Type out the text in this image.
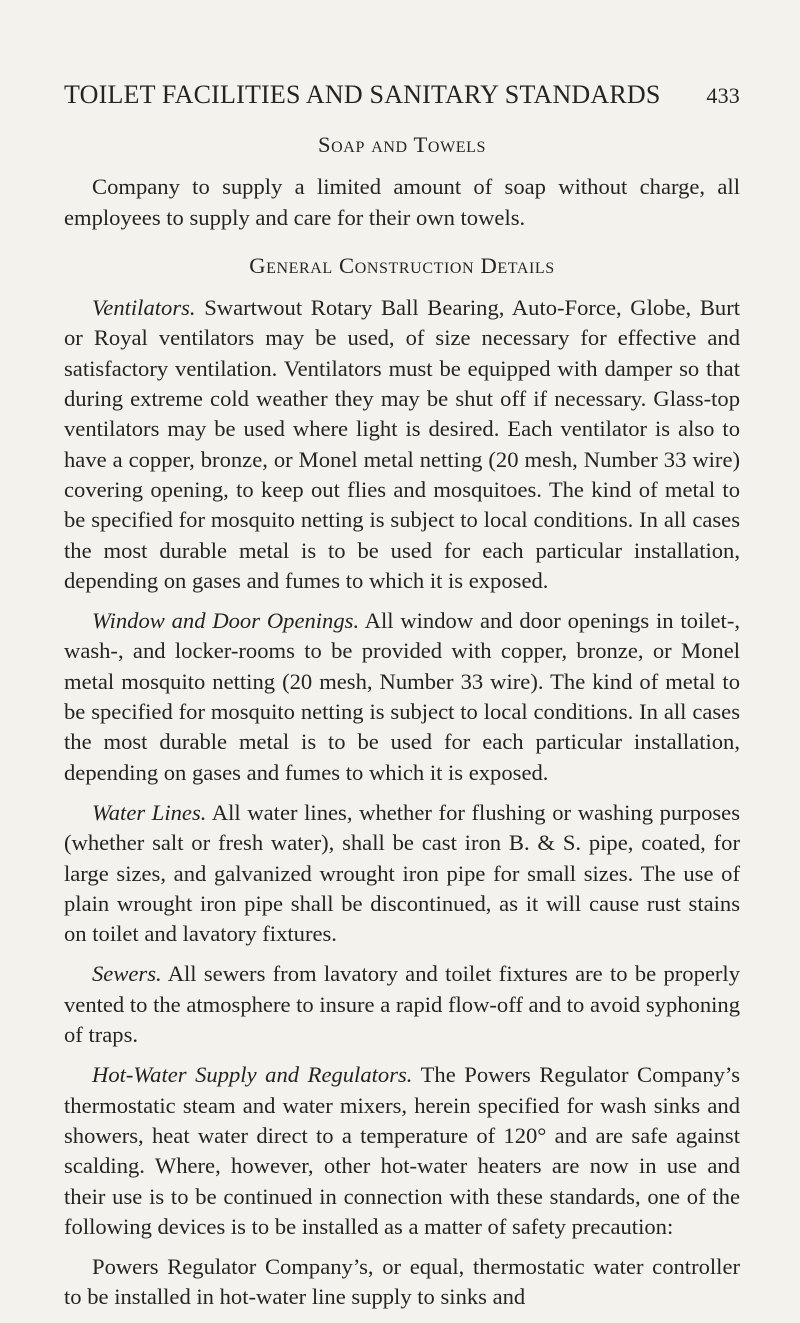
TOILET FACILITIES AND SANITARY STANDARDS 433
Soap and Towels

Company to supply a limited amount of soap without charge, all employees to supply and care for their own towels.

General Construction Details

Ventilators. Swartwout Rotary Ball Bearing, Auto-Force, Globe, Burt or Royal ventilators may be used, of size necessary for effective and satisfactory ventilation. Ventilators must be equipped with damper so that during extreme cold weather they may be shut off if necessary. Glass-top ventilators may be used where light is desired. Each ventilator is also to have a copper, bronze, or Monel metal netting (20 mesh, Number 33 wire) covering opening, to keep out flies and mosquitoes. The kind of metal to be specified for mosquito netting is subject to local conditions. In all cases the most durable metal is to be used for each particular installation, depending on gases and fumes to which it is exposed.

Window and Door Openings. All window and door openings in toilet-, wash-, and locker-rooms to be provided with copper, bronze, or Monel metal mosquito netting (20 mesh, Number 33 wire). The kind of metal to be specified for mosquito netting is subject to local conditions. In all cases the most durable metal is to be used for each particular installation, depending on gases and fumes to which it is exposed.

Water Lines. All water lines, whether for flushing or washing purposes (whether salt or fresh water), shall be cast iron B. & S. pipe, coated, for large sizes, and galvanized wrought iron pipe for small sizes. The use of plain wrought iron pipe shall be discontinued, as it will cause rust stains on toilet and lavatory fixtures.

Sewers. All sewers from lavatory and toilet fixtures are to be properly vented to the atmosphere to insure a rapid flow-off and to avoid syphoning of traps.

Hot-Water Supply and Regulators. The Powers Regulator Company’s thermostatic steam and water mixers, herein specified for wash sinks and showers, heat water direct to a temperature of 120° and are safe against scalding. Where, however, other hot-water heaters are now in use and their use is to be continued in connection with these standards, one of the following devices is to be installed as a matter of safety precaution:

Powers Regulator Company’s, or equal, thermostatic water controller to be installed in hot-water line supply to sinks and
